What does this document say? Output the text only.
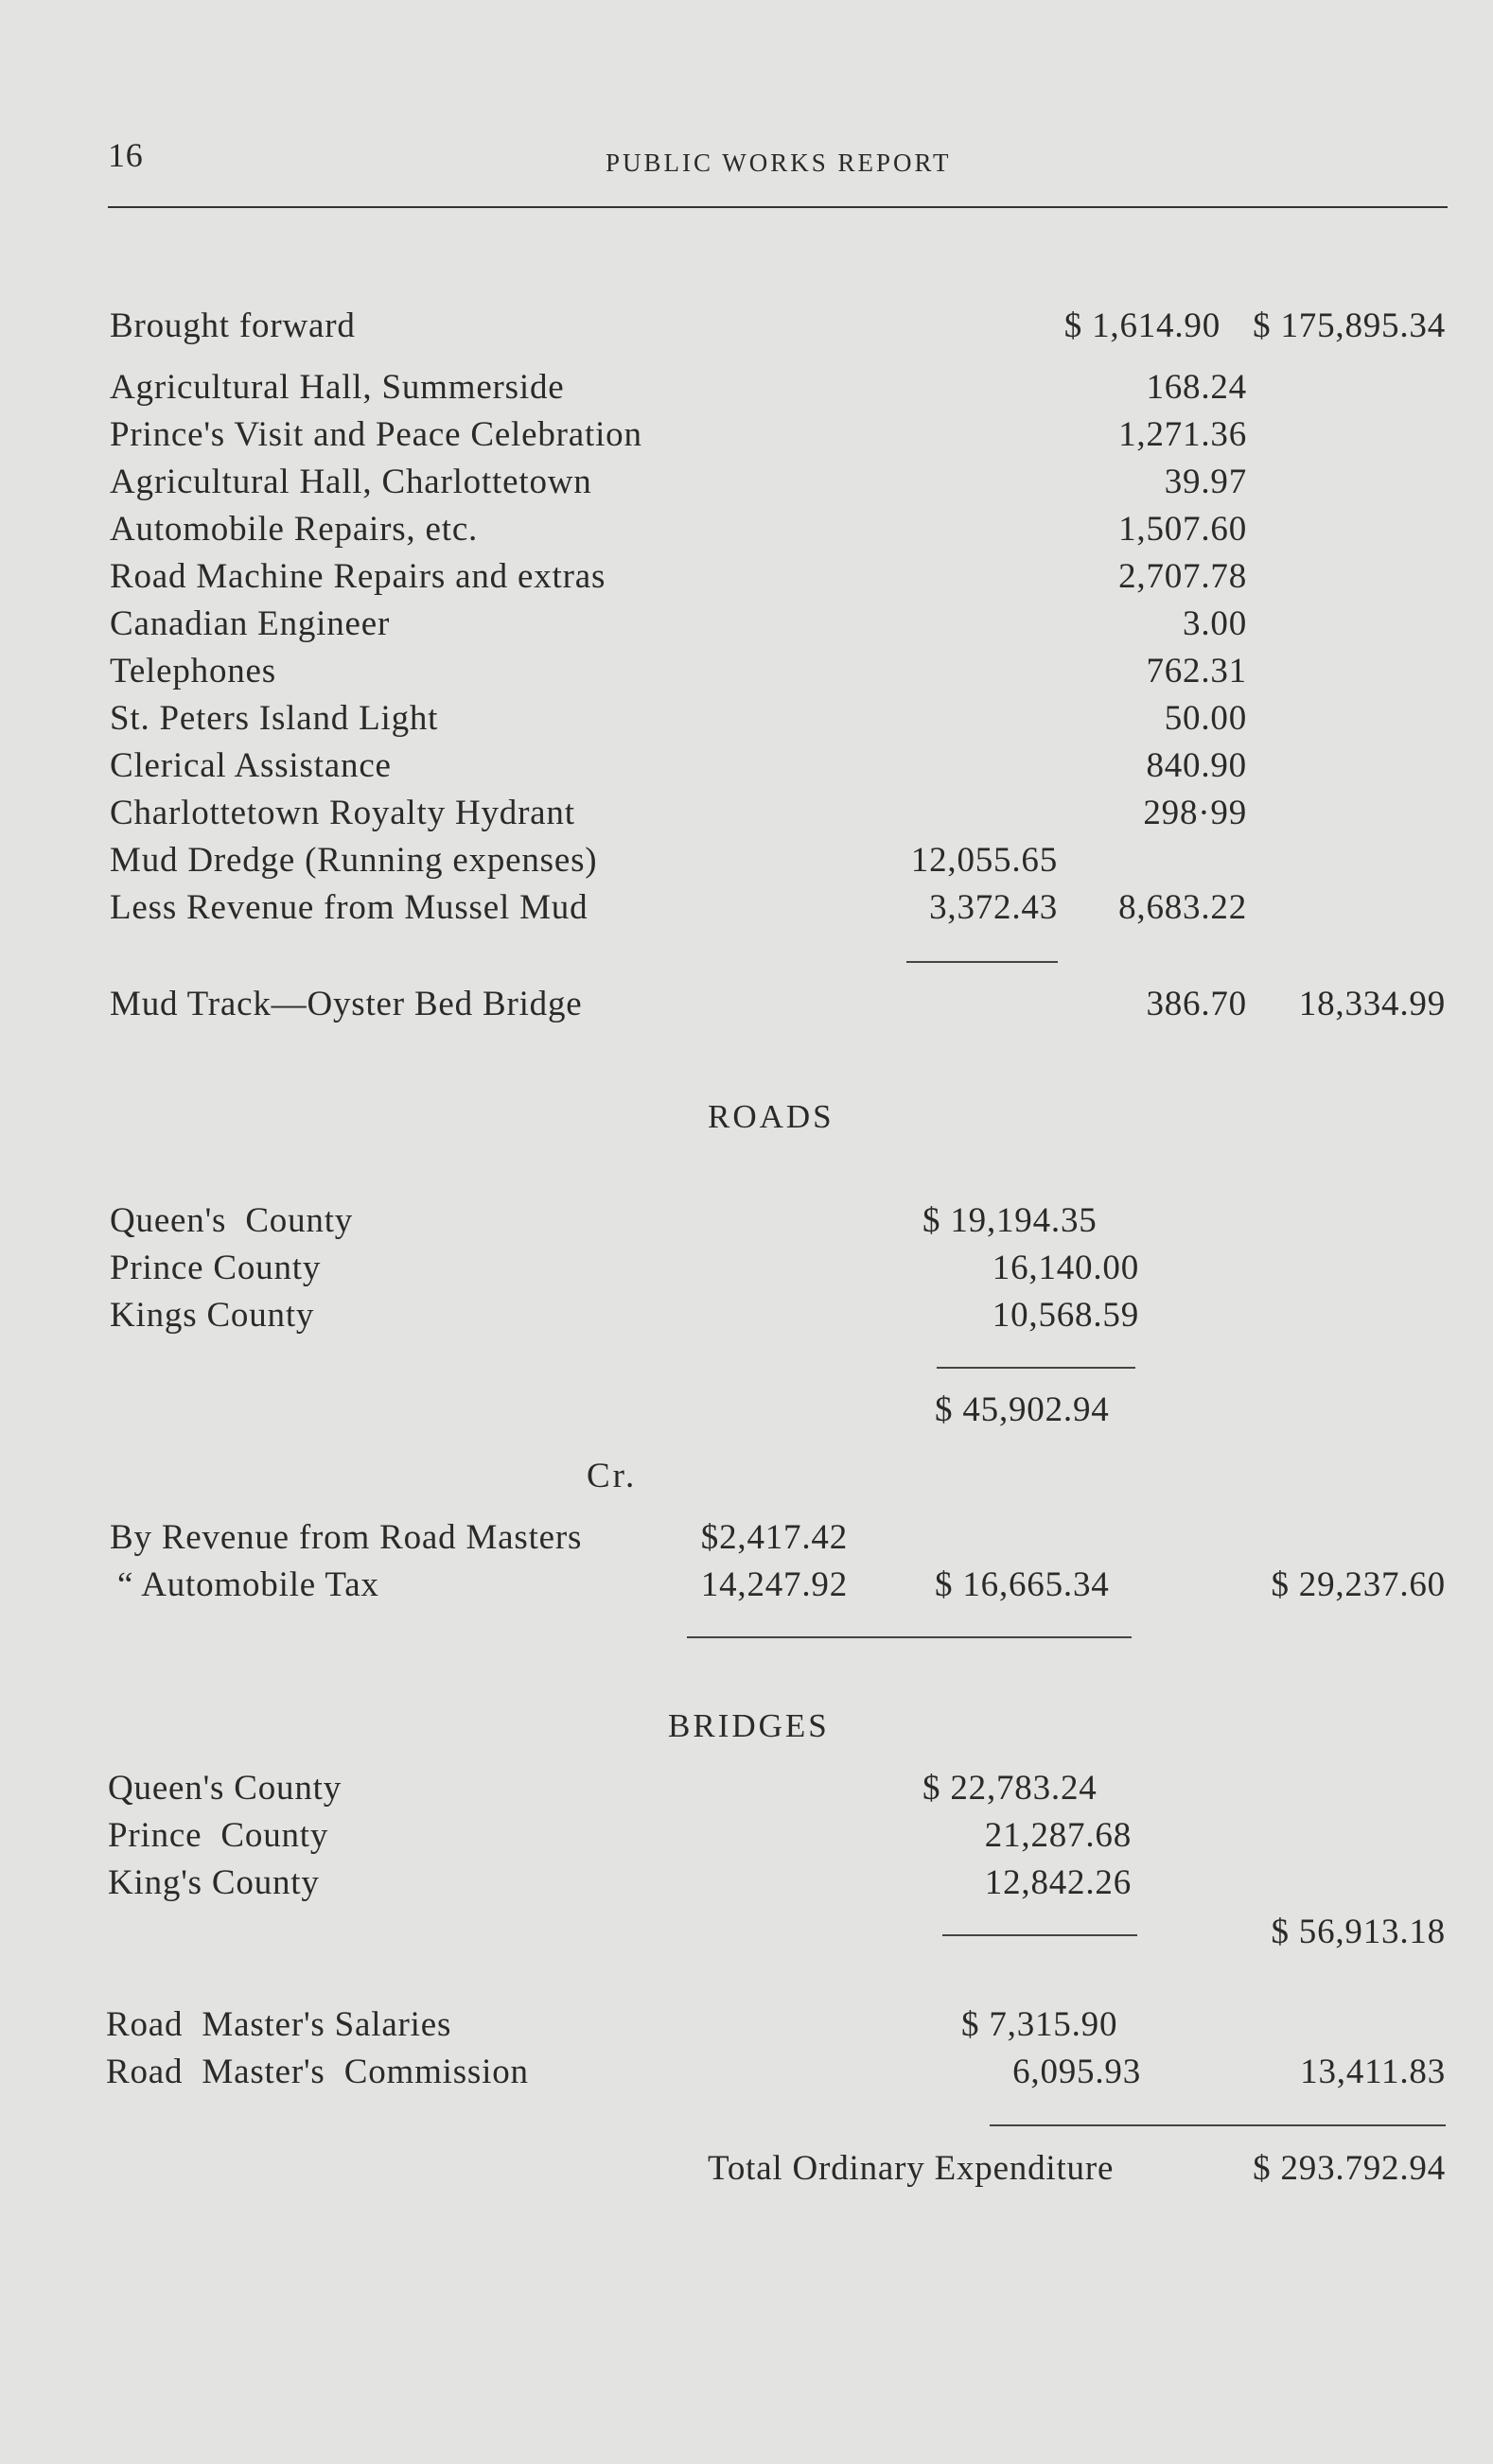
16	PUBLIC WORKS REPORT
Brought forward	$ 1,614.90 $ 175,895.34
Agricultural Hall, Summerside	168.24
Prince's Visit and Peace Celebration	1,271.36
Agricultural Hall, Charlottetown	39.97
Automobile Repairs, etc.	1,507.60
Road Machine Repairs and extras	2,707.78
Canadian Engineer	3.00
Telephones	762.31
St. Peters Island Light	50.00
Clerical Assistance	840.90
Charlottetown Royalty Hydrant	298·99
Mud Dredge (Running expenses)	12,055.65
Less Revenue from Mussel Mud	3,372.43	8,683.22
Mud Track—Oyster Bed Bridge	386.70	18,334.99
ROADS
Queen's  County	$ 19,194.35
Prince County	16,140.00
Kings County	10,568.59
$ 45,902.94
Cr.
By Revenue from Road Masters	$2,417.42
“ Automobile Tax	14,247.92 $ 16,665.34	$ 29,237.60
BRIDGES
Queen's County	$ 22,783.24
Prince  County	21,287.68
King's County	12,842.26
$ 56,913.18
Road  Master's Salaries	$ 7,315.90
Road  Master's  Commission	6,095.93	13,411.83
Total Ordinary Expenditure	$ 293.792.94
